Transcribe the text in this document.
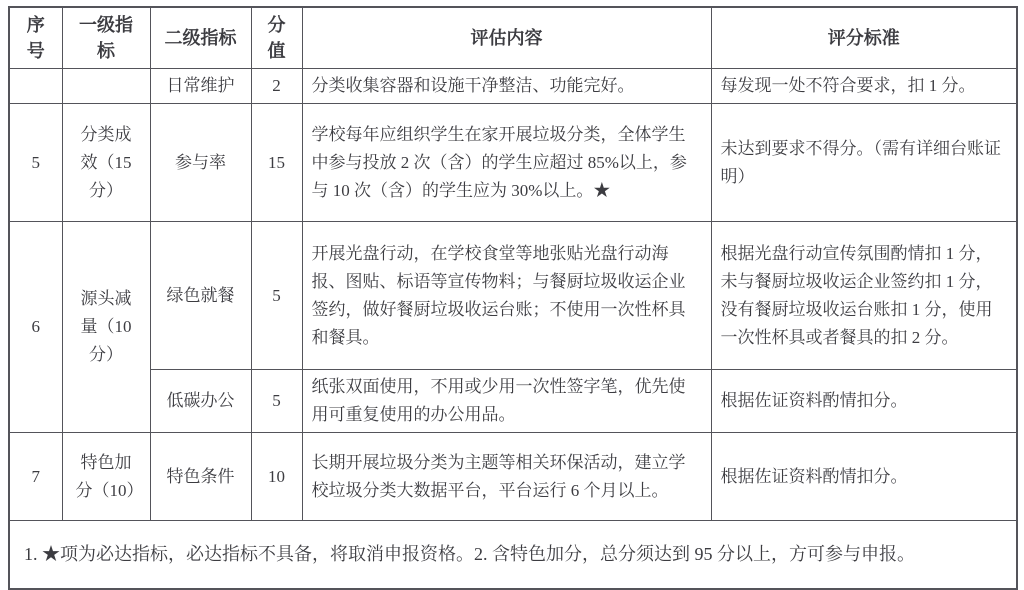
序号	一级指标	二级指标	分值	评估内容	评分标准
		日常维护	2	分类收集容器和设施干净整洁、功能完好。	每发现一处不符合要求，扣 1 分。
5	分类成效（15分）	参与率	15	学校每年应组织学生在家开展垃圾分类，全体学生中参与投放 2 次（含）的学生应超过 85%以上，参与 10 次（含）的学生应为 30%以上。★	未达到要求不得分。（需有详细台账证明）
6	源头减量（10分）	绿色就餐	5	开展光盘行动，在学校食堂等地张贴光盘行动海报、图贴、标语等宣传物料；与餐厨垃圾收运企业签约，做好餐厨垃圾收运台账；不使用一次性杯具和餐具。	根据光盘行动宣传氛围酌情扣 1 分，未与餐厨垃圾收运企业签约扣 1 分，没有餐厨垃圾收运台账扣 1 分，使用一次性杯具或者餐具的扣 2 分。
		低碳办公	5	纸张双面使用，不用或少用一次性签字笔，优先使用可重复使用的办公用品。	根据佐证资料酌情扣分。
7	特色加分（10）	特色条件	10	长期开展垃圾分类为主题等相关环保活动，建立学校垃圾分类大数据平台，平台运行 6 个月以上。	根据佐证资料酌情扣分。
1. ★项为必达指标，必达指标不具备，将取消申报资格。2. 含特色加分，总分须达到 95 分以上，方可参与申报。					
